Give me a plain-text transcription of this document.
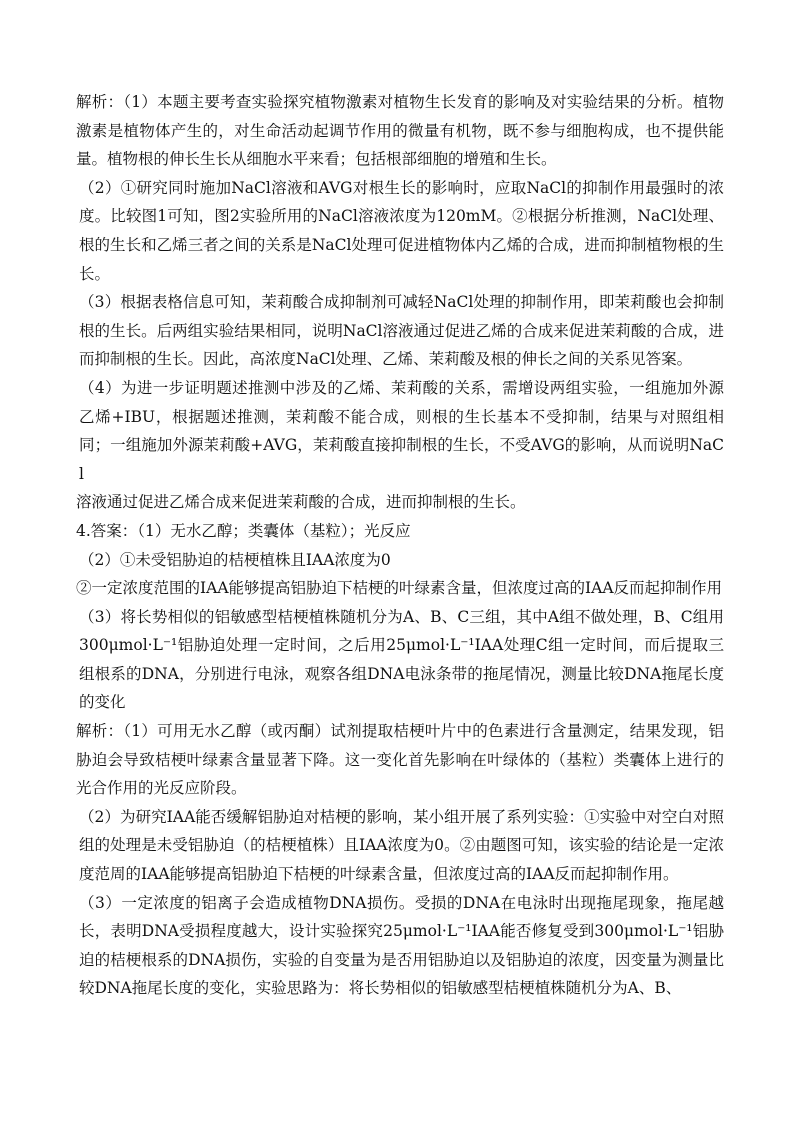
解析：（1）本题主要考查实验探究植物激素对植物生长发育的影响及对实验结果的分析。植物激素是植物体产生的，对生命活动起调节作用的微量有机物，既不参与细胞构成，也不提供能量。植物根的伸长生长从细胞水平来看；包括根部细胞的增殖和生长。

（2）①研究同时施加NaCl溶液和AVG对根生长的影响时，应取NaCl的抑制作用最强时的浓度。比较图1可知，图2实验所用的NaCl溶液浓度为120mM。②根据分析推测，NaCl处理、根的生长和乙烯三者之间的关系是NaCl处理可促进植物体内乙烯的合成，进而抑制植物根的生长。

（3）根据表格信息可知，茉莉酸合成抑制剂可减轻NaCl处理的抑制作用，即茉莉酸也会抑制根的生长。后两组实验结果相同，说明NaCl溶液通过促进乙烯的合成来促进茉莉酸的合成，进而抑制根的生长。因此，高浓度NaCl处理、乙烯、茉莉酸及根的伸长之间的关系见答案。

（4）为进一步证明题述推测中涉及的乙烯、茉莉酸的关系，需增设两组实验，一组施加外源乙烯+IBU，根据题述推测，茉莉酸不能合成，则根的生长基本不受抑制，结果与对照组相同；一组施加外源茉莉酸+AVG，茉莉酸直接抑制根的生长，不受AVG的影响，从而说明NaCl

溶液通过促进乙烯合成来促进茉莉酸的合成，进而抑制根的生长。

4.答案：（1）无水乙醇；类囊体（基粒）；光反应

（2）①未受铝胁迫的桔梗植株且IAA浓度为0

②一定浓度范围的IAA能够提高铝胁迫下桔梗的叶绿素含量，但浓度过高的IAA反而起抑制作用

（3）将长势相似的铝敏感型桔梗植株随机分为A、B、C三组，其中A组不做处理，B、C组用300μmol·L⁻¹铝胁迫处理一定时间，之后用25μmol·L⁻¹IAA处理C组一定时间，而后提取三组根系的DNA，分别进行电泳，观察各组DNA电泳条带的拖尾情况，测量比较DNA拖尾长度的变化

解析：（1）可用无水乙醇（或丙酮）试剂提取桔梗叶片中的色素进行含量测定，结果发现，铝胁迫会导致桔梗叶绿素含量显著下降。这一变化首先影响在叶绿体的（基粒）类囊体上进行的光合作用的光反应阶段。

（2）为研究IAA能否缓解铝胁迫对桔梗的影响，某小组开展了系列实验：①实验中对空白对照组的处理是未受铝胁迫（的桔梗植株）且IAA浓度为0。②由题图可知，该实验的结论是一定浓度范周的IAA能够提高铝胁迫下桔梗的叶绿素含量，但浓度过高的IAA反而起抑制作用。

（3）一定浓度的铝离子会造成植物DNA损伤。受损的DNA在电泳时出现拖尾现象，拖尾越长，表明DNA受损程度越大，设计实验探究25μmol·L⁻¹IAA能否修复受到300μmol·L⁻¹铝胁迫的桔梗根系的DNA损伤，实验的自变量为是否用铝胁迫以及铝胁迫的浓度，因变量为测量比较DNA拖尾长度的变化，实验思路为：将长势相似的铝敏感型桔梗植株随机分为A、B、
